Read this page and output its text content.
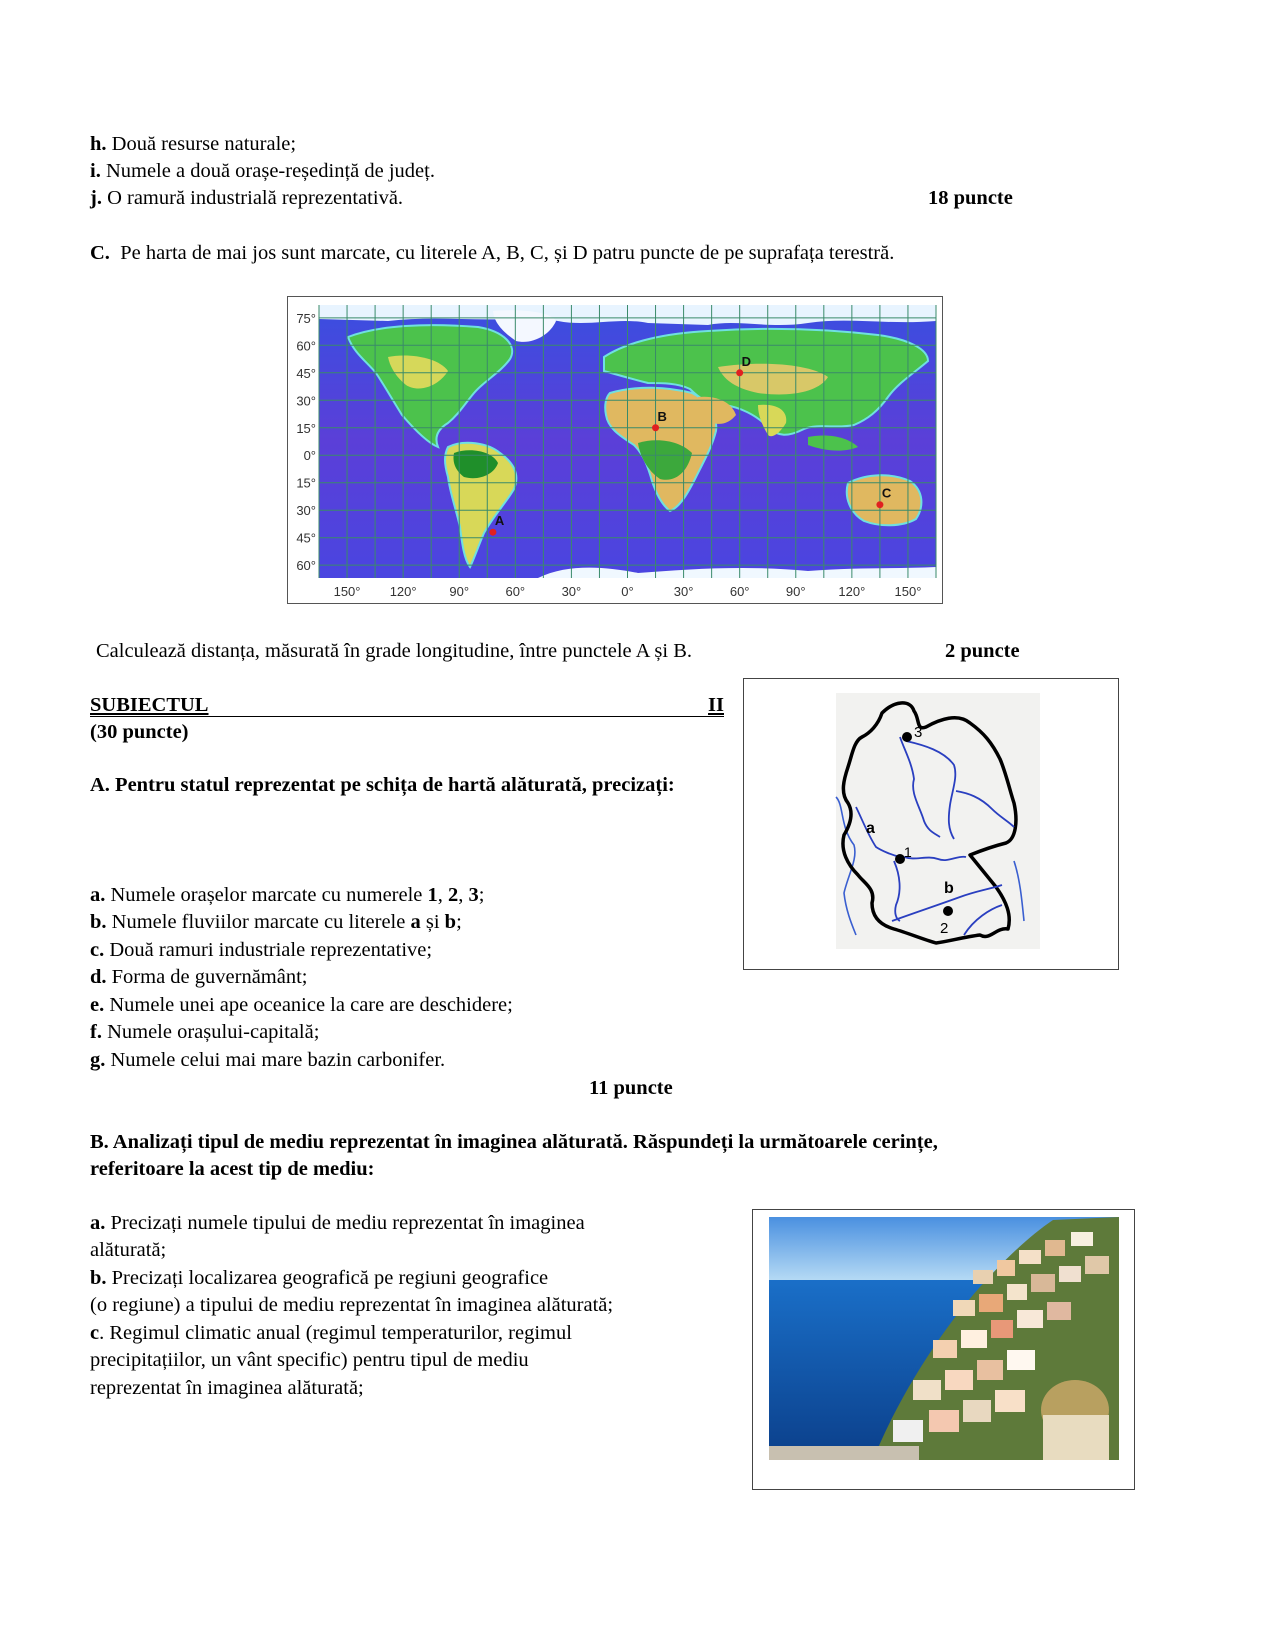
h. Două resurse naturale;
i. Numele a două orașe-reședință de județ.
j. O ramură industrială reprezentativă.	18 puncte
C.  Pe harta de mai jos sunt marcate, cu literele A, B, C, și D patru puncte de pe suprafața terestră.
75°
60°
45°
30°
15°
0°
15°
30°
45°
60°
150° 120°	90°	60°	30°	0°	30°	60°	90°	120° 150°
A
B
C
D
Calculează distanța, măsurată în grade longitudine, între punctele A și B.	2 puncte
SUBIECTUL	II
(30 puncte)
A. Pentru statul reprezentat pe schița de hartă alăturată, precizați:
a. Numele orașelor marcate cu numerele 1, 2, 3;
b. Numele fluviilor marcate cu literele a și b;
c. Două ramuri industriale reprezentative;
d. Forma de guvernământ;
e. Numele unei ape oceanice la care are deschidere;
f. Numele orașului-capitală;
g. Numele celui mai mare bazin carbonifer.
11 puncte
3
1
2
a
b
B. Analizați tipul de mediu reprezentat în imaginea alăturată. Răspundeți la următoarele cerințe,
referitoare la acest tip de mediu:
a. Precizați numele tipului de mediu reprezentat în imaginea
alăturată;
b. Precizați localizarea geografică pe regiuni geografice
(o regiune) a tipului de mediu reprezentat în imaginea alăturată;
c. Regimul climatic anual (regimul temperaturilor, regimul
precipitațiilor, un vânt specific) pentru tipul de mediu
reprezentat în imaginea alăturată;
